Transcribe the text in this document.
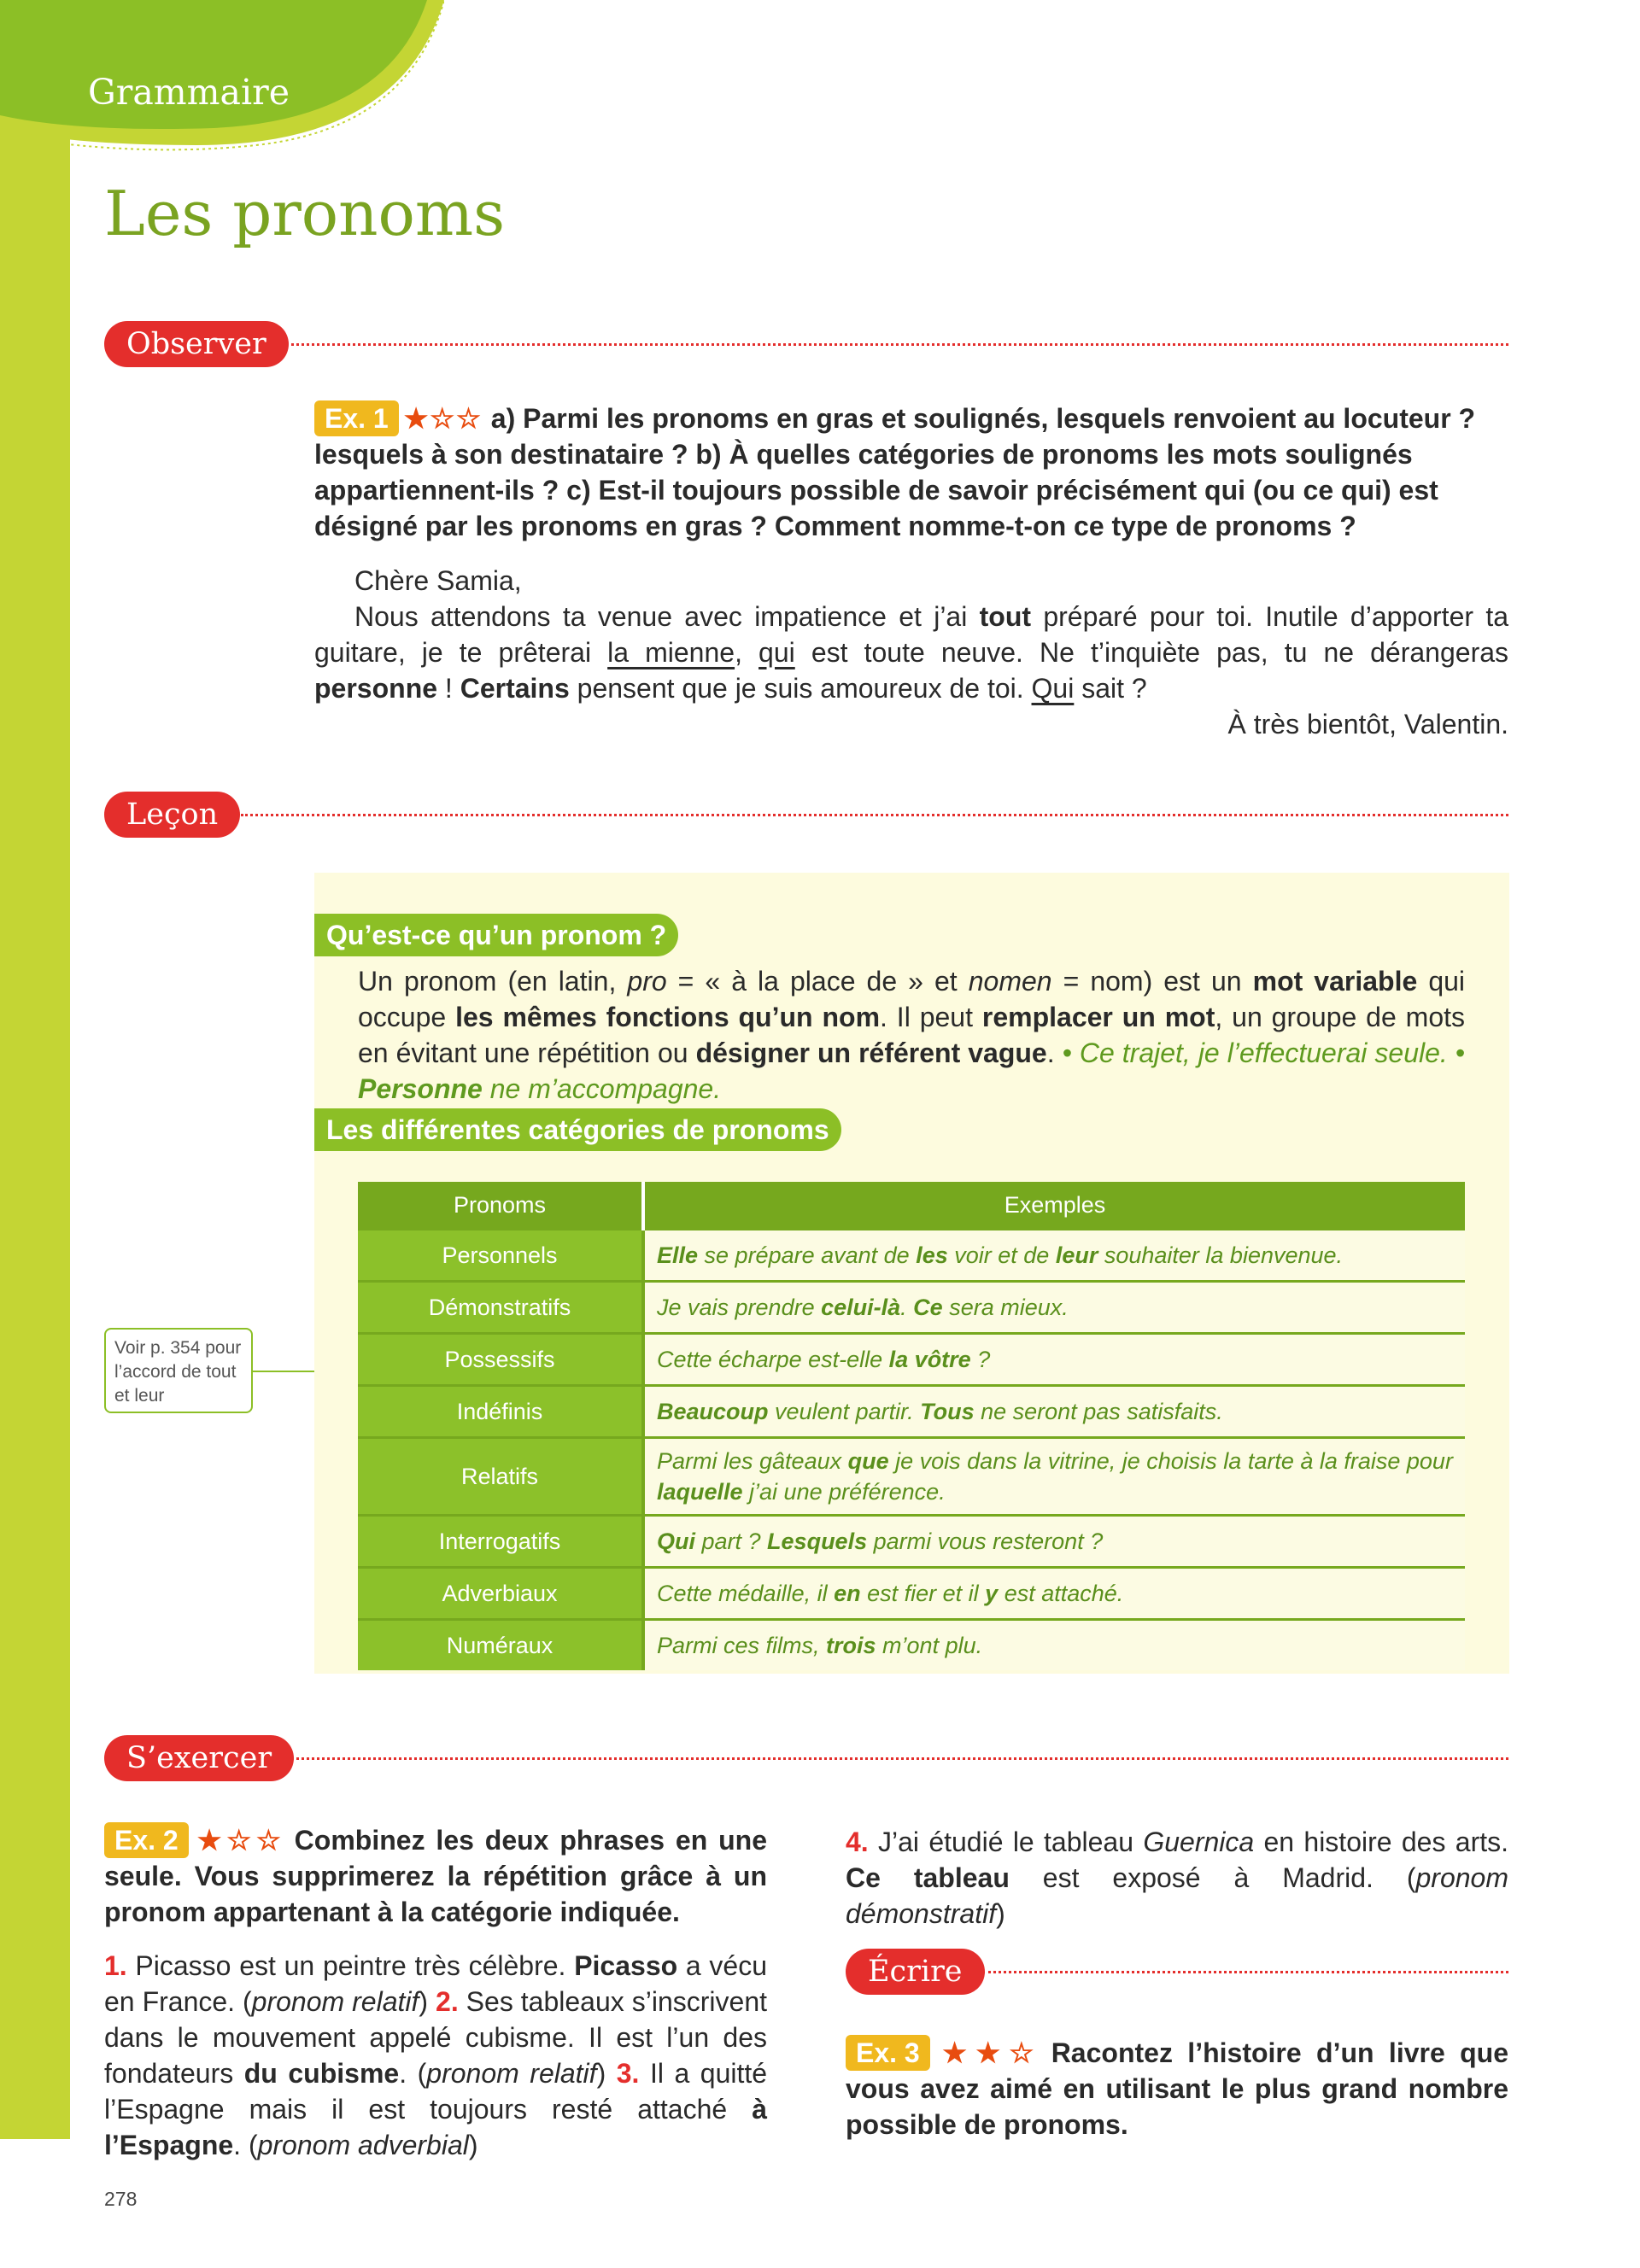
Grammaire
Les pronoms
Observer
Ex. 1 ★☆☆ a) Parmi les pronoms en gras et soulignés, lesquels renvoient au locuteur ? lesquels à son destinataire ? b) À quelles catégories de pronoms les mots soulignés appartiennent-ils ? c) Est-il toujours possible de savoir précisément qui (ou ce qui) est désigné par les pronoms en gras ? Comment nomme-t-on ce type de pronoms ?
Chère Samia,
Nous attendons ta venue avec impatience et j’ai tout préparé pour toi. Inutile d’apporter ta guitare, je te prêterai la mienne, qui est toute neuve. Ne t’inquiète pas, tu ne dérangeras personne ! Certains pensent que je suis amoureux de toi. Qui sait ?
À très bientôt, Valentin.
Leçon
Qu’est-ce qu’un pronom ?
Un pronom (en latin, pro = « à la place de » et nomen = nom) est un mot variable qui occupe les mêmes fonctions qu’un nom. Il peut remplacer un mot, un groupe de mots en évitant une répétition ou désigner un référent vague. • Ce trajet, je l’effectuerai seule. • Personne ne m’accompagne.
Les différentes catégories de pronoms
Pronoms	Exemples
Personnels	Elle se prépare avant de les voir et de leur souhaiter la bienvenue.
Démonstratifs	Je vais prendre celui-là. Ce sera mieux.
Possessifs	Cette écharpe est-elle la vôtre ?
Indéfinis	Beaucoup veulent partir. Tous ne seront pas satisfaits.
Relatifs	Parmi les gâteaux que je vois dans la vitrine, je choisis la tarte à la fraise pour laquelle j’ai une préférence.
Interrogatifs	Qui part ? Lesquels parmi vous resteront ?
Adverbiaux	Cette médaille, il en est fier et il y est attaché.
Numéraux	Parmi ces films, trois m’ont plu.
Voir p. 354 pour l’accord de tout et leur
S’exercer
Ex. 2 ★☆☆ Combinez les deux phrases en une seule. Vous supprimerez la répétition grâce à un pronom appartenant à la catégorie indiquée.
1. Picasso est un peintre très célèbre. Picasso a vécu en France. (pronom relatif) 2. Ses tableaux s’inscrivent dans le mouvement appelé cubisme. Il est l’un des fondateurs du cubisme. (pronom relatif) 3. Il a quitté l’Espagne mais il est toujours resté attaché à l’Espagne. (pronom adverbial)
4. J’ai étudié le tableau Guernica en histoire des arts. Ce tableau est exposé à Madrid. (pronom démonstratif)
Écrire
Ex. 3 ★★☆ Racontez l’histoire d’un livre que vous avez aimé en utilisant le plus grand nombre possible de pronoms.
278
